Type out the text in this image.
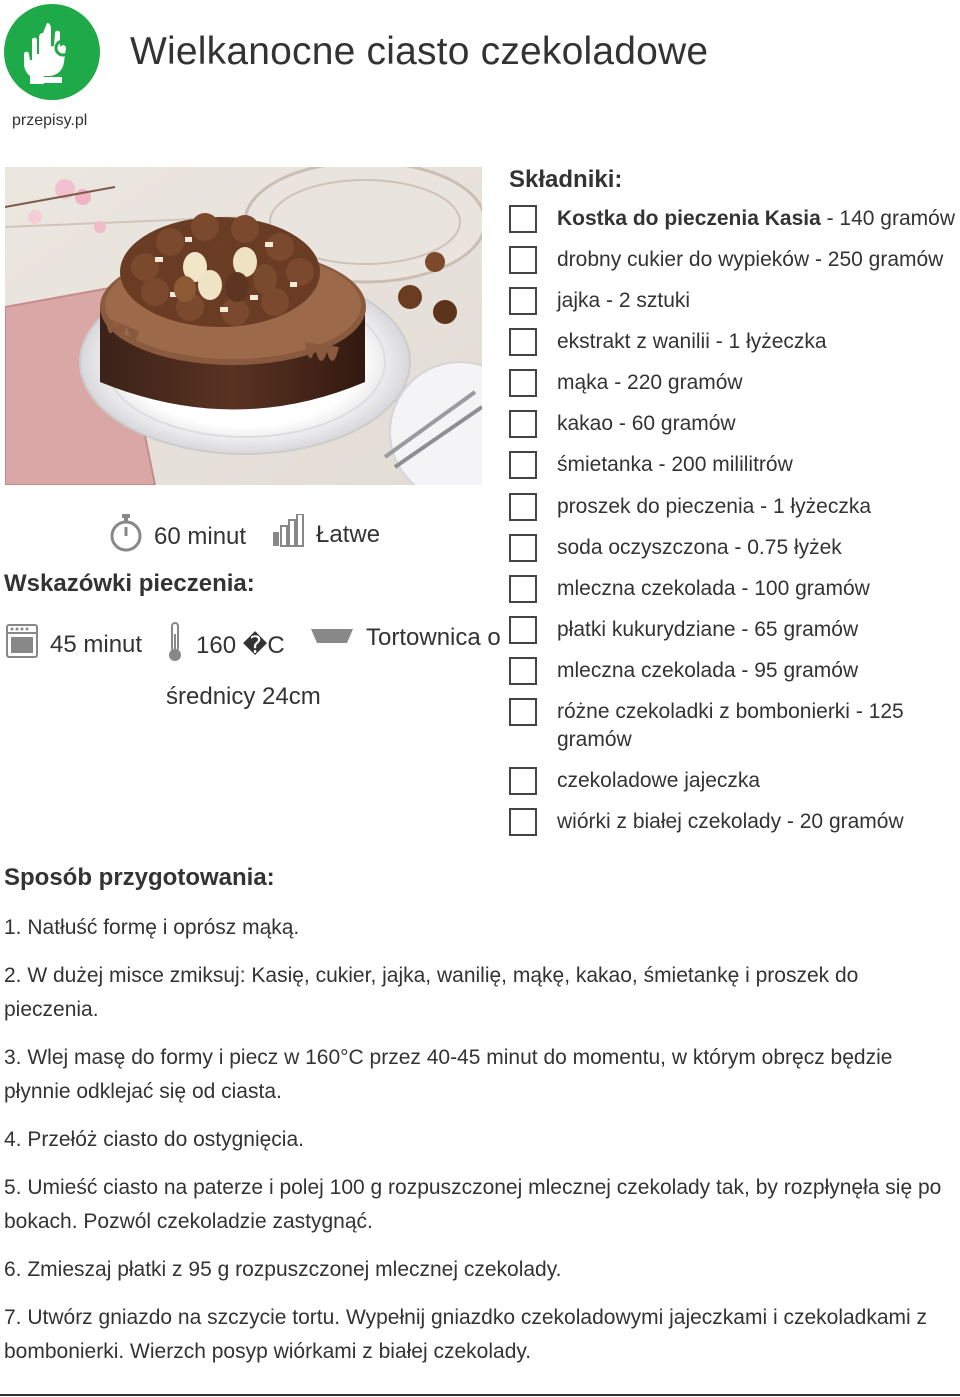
przepisy.pl
Wielkanocne ciasto czekoladowe
60 minut	Łatwe
Wskazówki pieczenia:
45 minut 160 �C	Tortownica o
średnicy 24cm
Składniki:
Kostka do pieczenia Kasia - 140 gramów
drobny cukier do wypieków - 250 gramów
jajka - 2 sztuki
ekstrakt z wanilii - 1 łyżeczka
mąka - 220 gramów
kakao - 60 gramów
śmietanka - 200 mililitrów
proszek do pieczenia - 1 łyżeczka
soda oczyszczona - 0.75 łyżek
mleczna czekolada - 100 gramów
płatki kukurydziane - 65 gramów
mleczna czekolada - 95 gramów
różne czekoladki z bombonierki - 125 gramów
czekoladowe jajeczka
wiórki z białej czekolady - 20 gramów
Sposób przygotowania:

1. Natłuść formę i oprósz mąką.

2. W dużej misce zmiksuj: Kasię, cukier, jajka, wanilię, mąkę, kakao, śmietankę i proszek do pieczenia.

3. Wlej masę do formy i piecz w 160°C przez 40-45 minut do momentu, w którym obręcz będzie płynnie odklejać się od ciasta.

4. Przełóż ciasto do ostygnięcia.

5. Umieść ciasto na paterze i polej 100 g rozpuszczonej mlecznej czekolady tak, by rozpłynęła się po bokach. Pozwól czekoladzie zastygnąć.

6. Zmieszaj płatki z 95 g rozpuszczonej mlecznej czekolady.

7. Utwórz gniazdo na szczycie tortu. Wypełnij gniazdko czekoladowymi jajeczkami i czekoladkami z bombonierki. Wierzch posyp wiórkami z białej czekolady.
